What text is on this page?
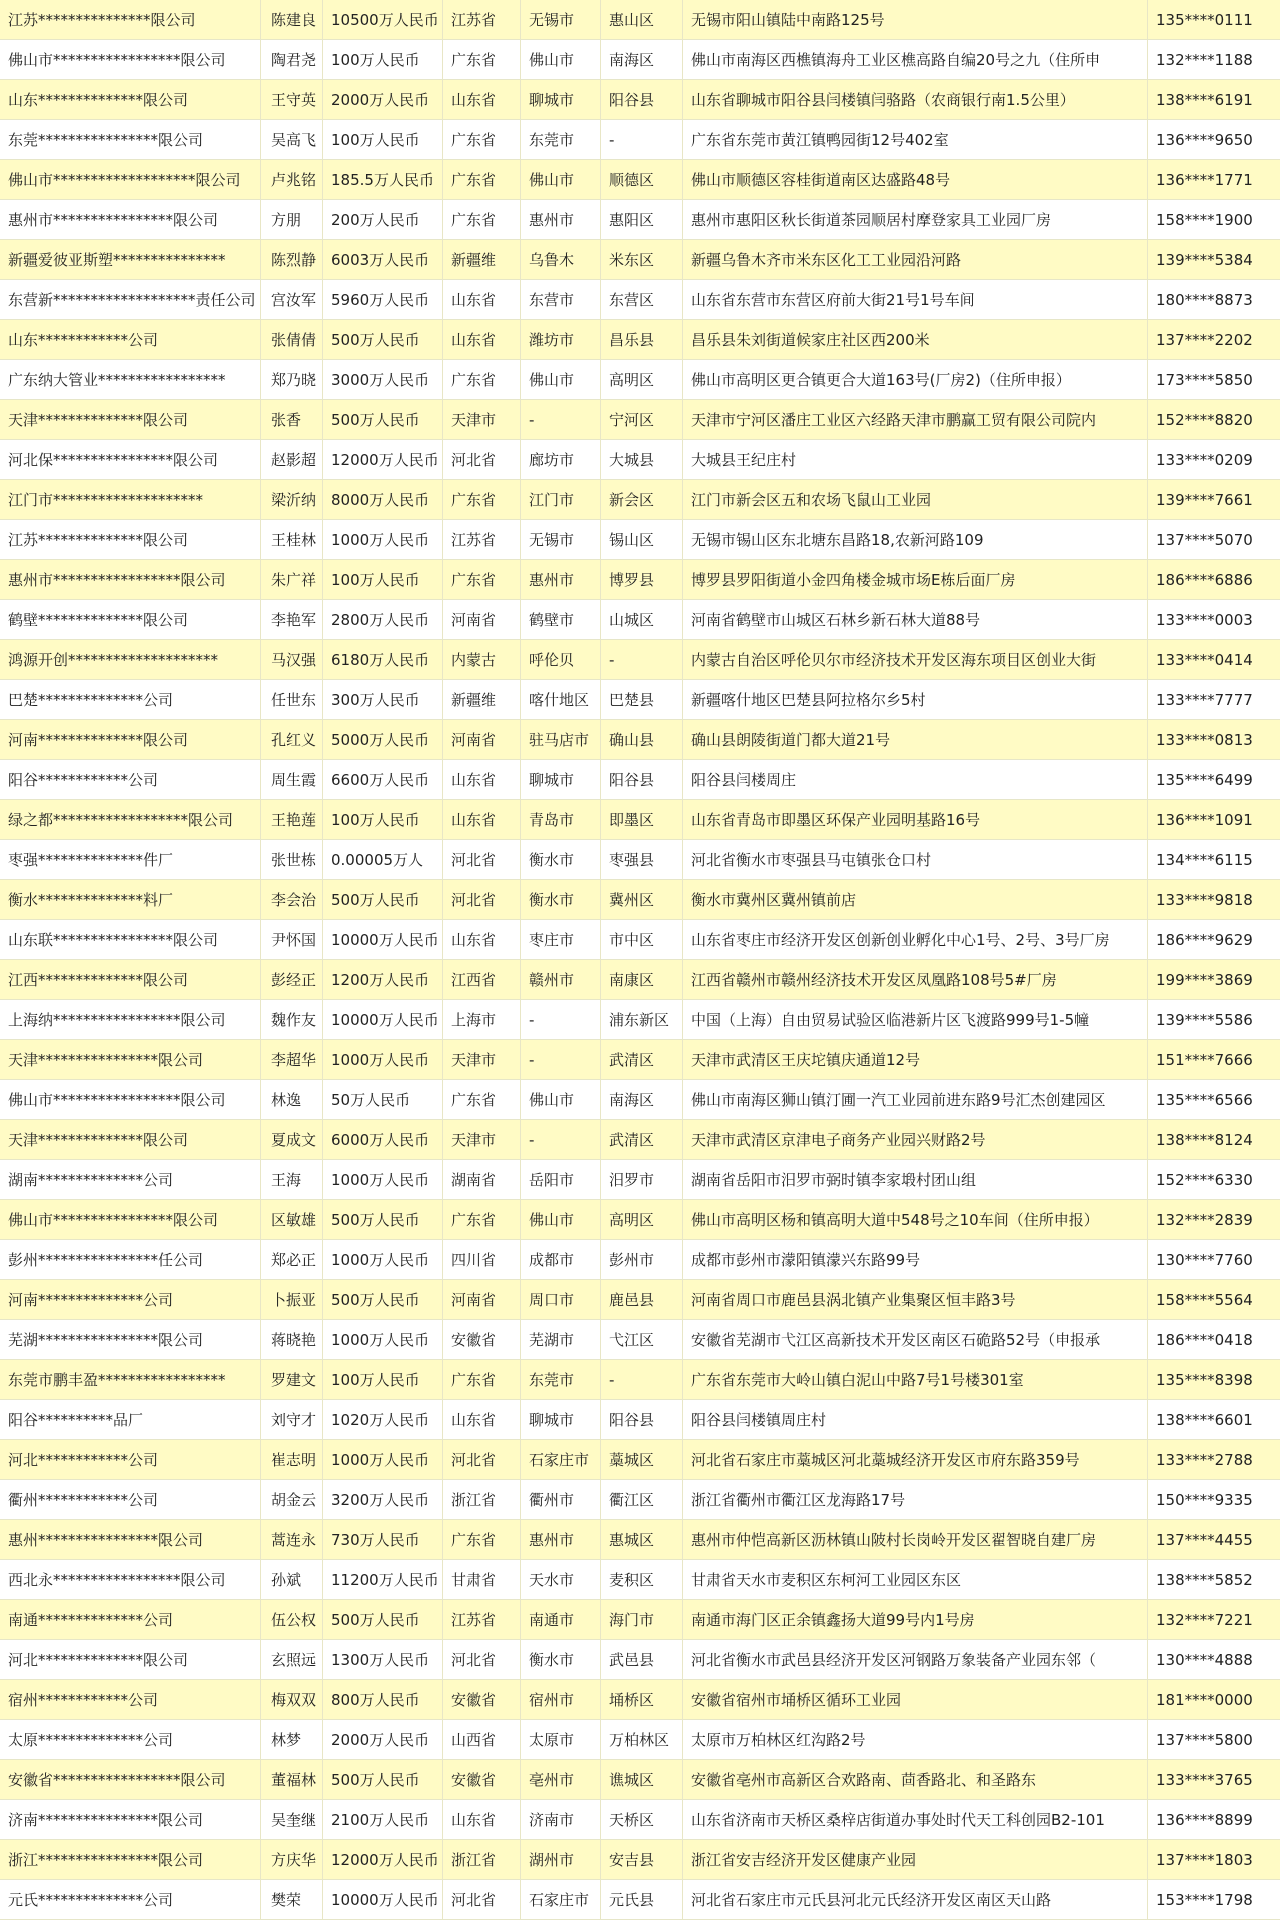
江苏***************限公司	陈建良 10500万人民币 江苏省	无锡市	惠山区	无锡市阳山镇陆中南路125号	135****0111
佛山市*****************限公司	陶君尧 100万人民币	广东省	佛山市	南海区	佛山市南海区西樵镇海舟工业区樵高路自编20号之九（住所申	132****1188
山东**************限公司	王守英 2000万人民币	山东省	聊城市	阳谷县	山东省聊城市阳谷县闫楼镇闫骆路（农商银行南1.5公里）	138****6191
东莞****************限公司	吴高飞 100万人民币	广东省	东莞市	-	广东省东莞市黄江镇鸭园街12号402室	136****9650
佛山市*******************限公司	卢兆铭 185.5万人民币	广东省	佛山市	顺德区	佛山市顺德区容桂街道南区达盛路48号	136****1771
惠州市****************限公司	方朋	200万人民币	广东省	惠州市	惠阳区	惠州市惠阳区秋长街道茶园顺居村摩登家具工业园厂房	158****1900
新疆爱彼亚斯塑***************	陈烈静 6003万人民币	新疆维	乌鲁木	米东区	新疆乌鲁木齐市米东区化工工业园沿河路	139****5384
东营新*******************责任公司	宫汝军 5960万人民币	山东省	东营市	东营区	山东省东营市东营区府前大街21号1号车间	180****8873
山东************公司	张倩倩 500万人民币	山东省	潍坊市	昌乐县	昌乐县朱刘街道候家庄社区西200米	137****2202
广东纳大管业*****************	郑乃晓 3000万人民币	广东省	佛山市	高明区	佛山市高明区更合镇更合大道163号(厂房2)（住所申报）	173****5850
天津**************限公司	张香	500万人民币	天津市	-	宁河区	天津市宁河区潘庄工业区六经路天津市鹏赢工贸有限公司院内	152****8820
河北保****************限公司	赵影超 12000万人民币 河北省	廊坊市	大城县	大城县王纪庄村	133****0209
江门市********************	梁沂纳 8000万人民币	广东省	江门市	新会区	江门市新会区五和农场飞鼠山工业园	139****7661
江苏**************限公司	王桂林 1000万人民币	江苏省	无锡市	锡山区	无锡市锡山区东北塘东昌路18,农新河路109	137****5070
惠州市*****************限公司	朱广祥 100万人民币	广东省	惠州市	博罗县	博罗县罗阳街道小金四角楼金城市场E栋后面厂房	186****6886
鹤壁**************限公司	李艳军 2800万人民币	河南省	鹤壁市	山城区	河南省鹤壁市山城区石林乡新石林大道88号	133****0003
鸿源开创********************	马汉强 6180万人民币	内蒙古	呼伦贝	-	内蒙古自治区呼伦贝尔市经济技术开发区海东项目区创业大街	133****0414
巴楚**************公司	任世东 300万人民币	新疆维	喀什地区	巴楚县	新疆喀什地区巴楚县阿拉格尔乡5村	133****7777
河南**************限公司	孔红义 5000万人民币	河南省	驻马店市	确山县	确山县朗陵街道门都大道21号	133****0813
阳谷************公司	周生霞 6600万人民币	山东省	聊城市	阳谷县	阳谷县闫楼周庄	135****6499
绿之都******************限公司	王艳莲 100万人民币	山东省	青岛市	即墨区	山东省青岛市即墨区环保产业园明基路16号	136****1091
枣强**************件厂	张世栋 0.00005万人	河北省	衡水市	枣强县	河北省衡水市枣强县马屯镇张仓口村	134****6115
衡水**************料厂	李会治 500万人民币	河北省	衡水市	冀州区	衡水市冀州区冀州镇前店	133****9818
山东联****************限公司	尹怀国 10000万人民币 山东省	枣庄市	市中区	山东省枣庄市经济开发区创新创业孵化中心1号、2号、3号厂房	186****9629
江西**************限公司	彭经正 1200万人民币	江西省	赣州市	南康区	江西省赣州市赣州经济技术开发区凤凰路108号5#厂房	199****3869
上海纳*****************限公司	魏作友 10000万人民币 上海市	-	浦东新区	中国（上海）自由贸易试验区临港新片区飞渡路999号1-5幢	139****5586
天津****************限公司	李超华 1000万人民币	天津市	-	武清区	天津市武清区王庆坨镇庆通道12号	151****7666
佛山市*****************限公司	林逸	50万人民币	广东省	佛山市	南海区	佛山市南海区狮山镇汀圃一汽工业园前进东路9号汇杰创建园区	135****6566
天津**************限公司	夏成文 6000万人民币	天津市	-	武清区	天津市武清区京津电子商务产业园兴财路2号	138****8124
湖南**************公司	王海	1000万人民币	湖南省	岳阳市	汨罗市	湖南省岳阳市汨罗市弼时镇李家塅村团山组	152****6330
佛山市****************限公司	区敏雄 500万人民币	广东省	佛山市	高明区	佛山市高明区杨和镇高明大道中548号之10车间（住所申报）	132****2839
彭州****************任公司	郑必正 1000万人民币	四川省	成都市	彭州市	成都市彭州市濛阳镇濛兴东路99号	130****7760
河南**************公司	卜振亚 500万人民币	河南省	周口市	鹿邑县	河南省周口市鹿邑县涡北镇产业集聚区恒丰路3号	158****5564
芜湖****************限公司	蒋晓艳 1000万人民币	安徽省	芜湖市	弋江区	安徽省芜湖市弋江区高新技术开发区南区石硊路52号（申报承	186****0418
东莞市鹏丰盈*****************	罗建文 100万人民币	广东省	东莞市	-	广东省东莞市大岭山镇白泥山中路7号1号楼301室	135****8398
阳谷**********品厂	刘守才 1020万人民币	山东省	聊城市	阳谷县	阳谷县闫楼镇周庄村	138****6601
河北************公司	崔志明 1000万人民币	河北省	石家庄市	藁城区	河北省石家庄市藁城区河北藁城经济开发区市府东路359号	133****2788
衢州************公司	胡金云 3200万人民币	浙江省	衢州市	衢江区	浙江省衢州市衢江区龙海路17号	150****9335
惠州****************限公司	蒿连永 730万人民币	广东省	惠州市	惠城区	惠州市仲恺高新区沥林镇山陂村长岗岭开发区翟智晓自建厂房	137****4455
西北永*****************限公司	孙斌	11200万人民币 甘肃省	天水市	麦积区	甘肃省天水市麦积区东柯河工业园区东区	138****5852
南通**************公司	伍公权 500万人民币	江苏省	南通市	海门市	南通市海门区正余镇鑫扬大道99号内1号房	132****7221
河北**************限公司	玄照远 1300万人民币	河北省	衡水市	武邑县	河北省衡水市武邑县经济开发区河钢路万象装备产业园东邻（	130****4888
宿州************公司	梅双双 800万人民币	安徽省	宿州市	埇桥区	安徽省宿州市埇桥区循环工业园	181****0000
太原**************公司	林梦	2000万人民币	山西省	太原市	万柏林区	太原市万柏林区红沟路2号	137****5800
安徽省*****************限公司	董福林 500万人民币	安徽省	亳州市	谯城区	安徽省亳州市高新区合欢路南、茴香路北、和圣路东	133****3765
济南****************限公司	吴奎继 2100万人民币	山东省	济南市	天桥区	山东省济南市天桥区桑梓店街道办事处时代天工科创园B2-101	136****8899
浙江****************限公司	方庆华 12000万人民币 浙江省	湖州市	安吉县	浙江省安吉经济开发区健康产业园	137****1803
元氏**************公司	樊荣	10000万人民币 河北省	石家庄市	元氏县	河北省石家庄市元氏县河北元氏经济开发区南区天山路	153****1798
